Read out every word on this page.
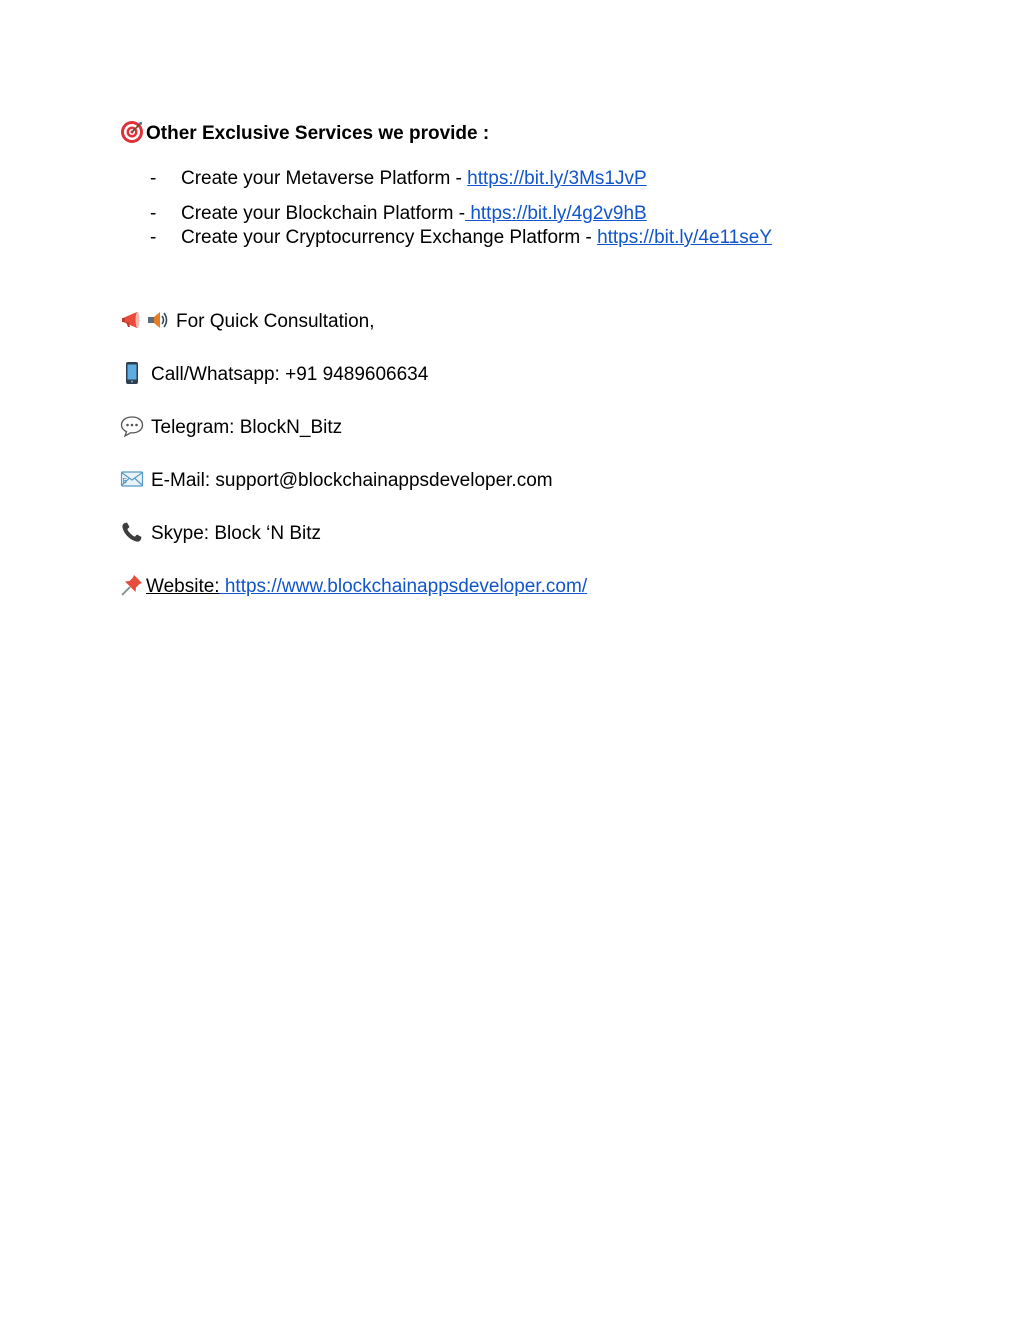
Other Exclusive Services we provide :
- Create your Metaverse Platform - https://bit.ly/3Ms1JvP
- Create your Blockchain Platform - https://bit.ly/4g2v9hB
- Create your Cryptocurrency Exchange Platform - https://bit.ly/4e11seY
For Quick Consultation,
Call/Whatsapp: +91 9489606634
Telegram: BlockN_Bitz
E E-Mail: support@blockchainappsdeveloper.com
Skype: Block ‘N Bitz
Website: https://www.blockchainappsdeveloper.com/
